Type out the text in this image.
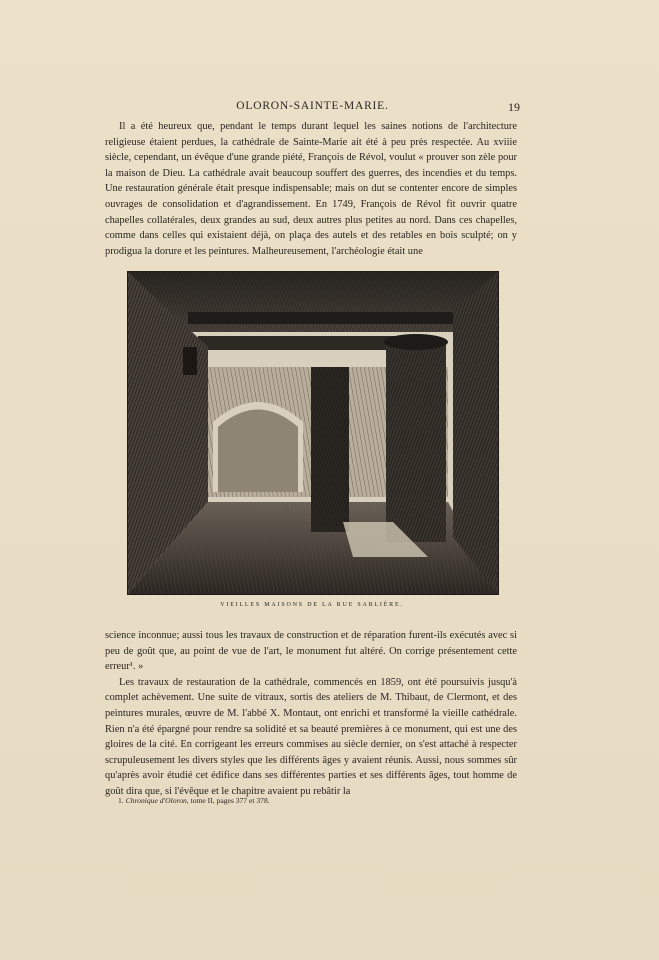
OLORON-SAINTE-MARIE.	19

Il a été heureux que, pendant le temps durant lequel les saines notions de l'architecture religieuse étaient perdues, la cathédrale de Sainte-Marie ait été à peu près respectée. Au xviiie siècle, cependant, un évêque d'une grande piété, François de Révol, voulut « prouver son zèle pour la maison de Dieu. La cathédrale avait beaucoup souffert des guerres, des incendies et du temps. Une restauration générale était presque indispensable; mais on dut se contenter encore de simples ouvrages de consolidation et d'agrandissement. En 1749, François de Révol fit ouvrir quatre chapelles collatérales, deux grandes au sud, deux autres plus petites au nord. Dans ces chapelles, comme dans celles qui existaient déjà, on plaça des autels et des retables en bois sculpté; on y prodigua la dorure et les peintures. Malheureusement, l'archéologie était une

VIEILLES MAISONS DE LA RUE SABLIÈRE.

science inconnue; aussi tous les travaux de construction et de réparation furent-ils exécutés avec si peu de goût que, au point de vue de l'art, le monument fut altéré. On corrige présentement cette erreur¹. »

Les travaux de restauration de la cathédrale, commencés en 1859, ont été poursuivis jusqu'à complet achèvement. Une suite de vitraux, sortis des ateliers de M. Thibaut, de Clermont, et des peintures murales, œuvre de M. l'abbé X. Montaut, ont enrichi et transformé la vieille cathédrale. Rien n'a été épargné pour rendre sa solidité et sa beauté premières à ce monument, qui est une des gloires de la cité. En corrigeant les erreurs commises au siècle dernier, on s'est attaché à respecter scrupuleusement les divers styles que les différents âges y avaient réunis. Aussi, nous sommes sûr qu'après avoir étudié cet édifice dans ses différentes parties et ses différents âges, tout homme de goût dira que, si l'évêque et le chapitre avaient pu rebâtir la

1. Chronique d'Oloron, tome II, pages 377 et 378.
